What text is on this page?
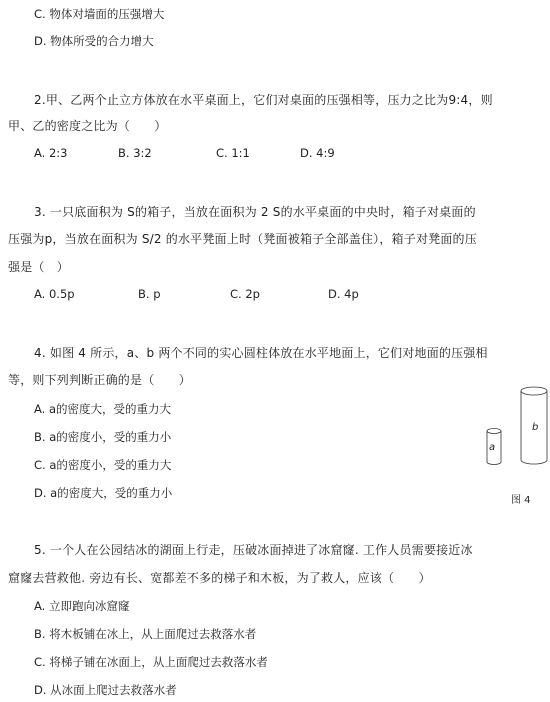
C. 物体对墙面的压强增大
D. 物体所受的合力增大
2.甲、乙两个止立方体放在水平桌面上，它们对桌面的压强相等，压力之比为9:4，则
甲、乙的密度之比为（　　）
A. 2:3	B. 3:2	C. 1:1	D. 4:9
3. 一只底面积为 S的箱子，当放在面积为 2 S的水平桌面的中央时，箱子对桌面的
压强为p，当放在面积为 S/2 的水平凳面上时（凳面被箱子全部盖住），箱子对凳面的压
强是（　）
A. 0.5p	B. p	C. 2p	D. 4p
4. 如图 4 所示，a、b 两个不同的实心圆柱体放在水平地面上，它们对地面的压强相
等，则下列判断正确的是（　　）
A. a的密度大，受的重力大
B. a的密度小，受的重力小
C. a的密度小，受的重力大
D. a的密度大，受的重力小
a
b
图 4
5. 一个人在公园结冰的湖面上行走，压破冰面掉进了冰窟窿. 工作人员需要接近冰
窟窿去营救他. 旁边有长、宽都差不多的梯子和木板，为了救人，应该（　　）
A. 立即跑向冰窟窿
B. 将木板铺在冰上，从上面爬过去救落水者
C. 将梯子铺在冰面上，从上面爬过去救落水者
D. 从冰面上爬过去救落水者
